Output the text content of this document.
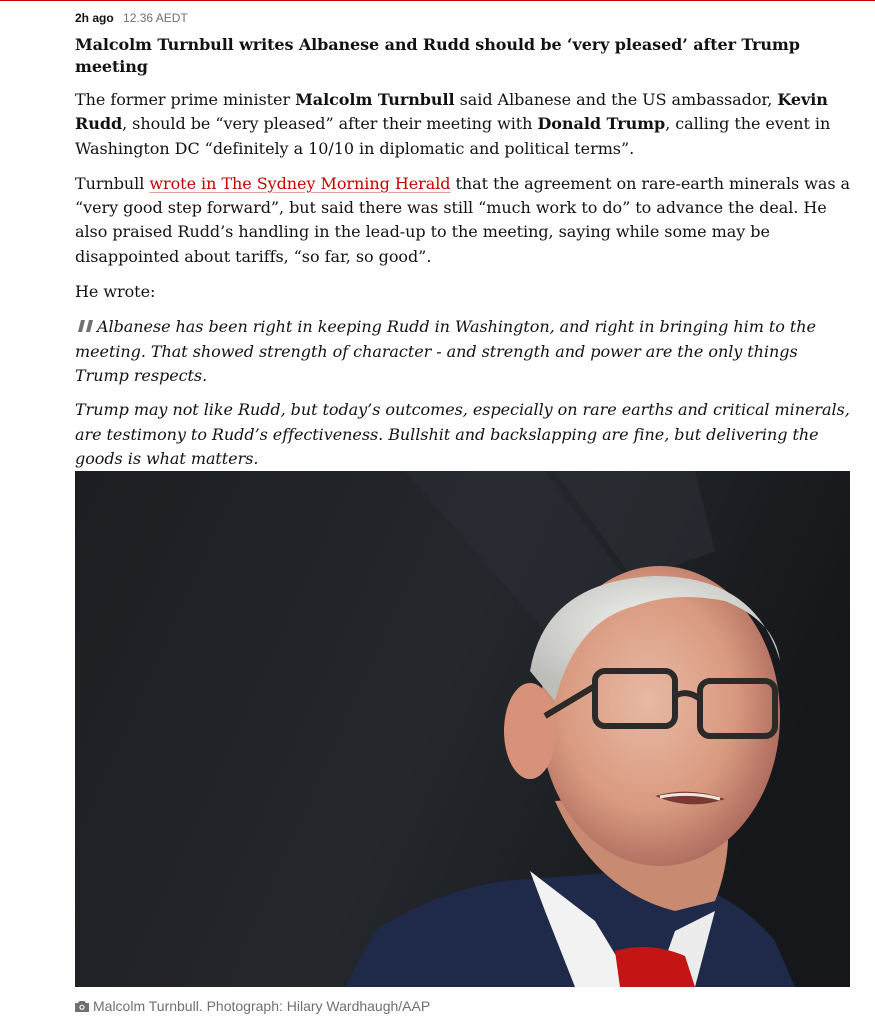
2h ago 12.36 AEDT
Malcolm Turnbull writes Albanese and Rudd should be ‘very pleased’ after Trump meeting

The former prime minister Malcolm Turnbull said Albanese and the US ambassador, Kevin Rudd, should be “very pleased” after their meeting with Donald Trump, calling the event in Washington DC “definitely a 10/10 in diplomatic and political terms”.

Turnbull wrote in The Sydney Morning Herald that the agreement on rare-earth minerals was a “very good step forward”, but said there was still “much work to do” to advance the deal. He also praised Rudd’s handling in the lead-up to the meeting, saying while some may be disappointed about tariffs, “so far, so good”.

He wrote:

Albanese has been right in keeping Rudd in Washington, and right in bringing him to the meeting. That showed strength of character - and strength and power are the only things Trump respects.

Trump may not like Rudd, but today’s outcomes, especially on rare earths and critical minerals, are testimony to Rudd’s effectiveness. Bullshit and backslapping are fine, but delivering the goods is what matters.

Malcolm Turnbull. Photograph: Hilary Wardhaugh/AAP
